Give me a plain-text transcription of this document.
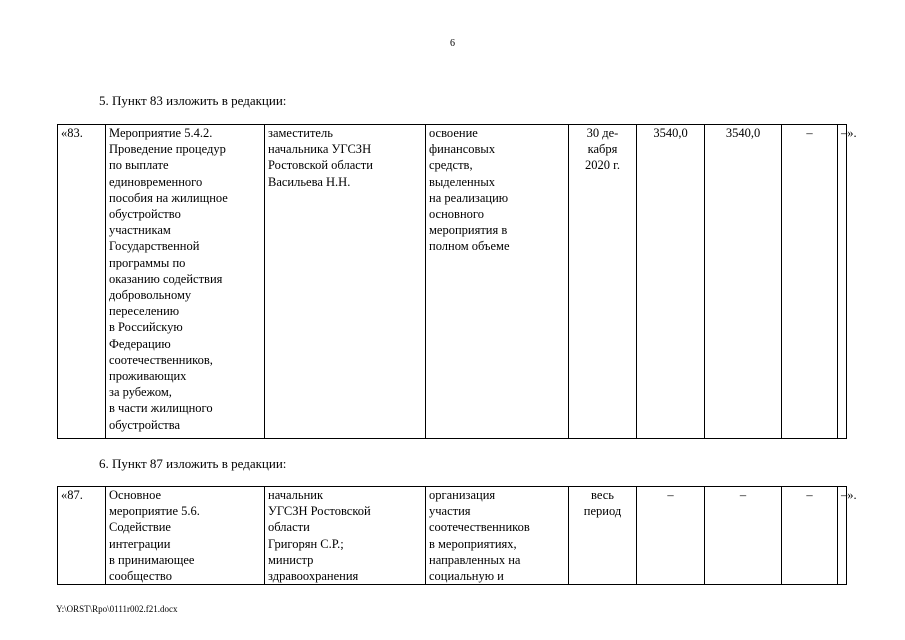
6
5. Пункт 83 изложить в редакции:
«83.	Мероприятие 5.4.2.
Проведение процедур
по выплате
единовременного
пособия на жилищное
обустройство
участникам
Государственной
программы по
оказанию содействия
добровольному
переселению
в Российскую
Федерацию
соотечественников,
проживающих
за рубежом,
в части жилищного
обустройства	заместитель
начальника УГСЗН
Ростовской области
Васильева Н.Н.	освоение
финансовых
средств,
выделенных
на реализацию
основного
мероприятия в
полном объеме	30 де-
кабря
2020 г.	3540,0	3540,0	–	–».
6. Пункт 87 изложить в редакции:
«87.	Основное
мероприятие 5.6.
Содействие
интеграции
в принимающее
сообщество	начальник
УГСЗН Ростовской
области
Григорян С.Р.;
министр
здравоохранения	организация
участия
соотечественников
в мероприятиях,
направленных на
социальную и	весь
период	–	–	–	–».
Y:\ORST\Rpo\0111r002.f21.docx
